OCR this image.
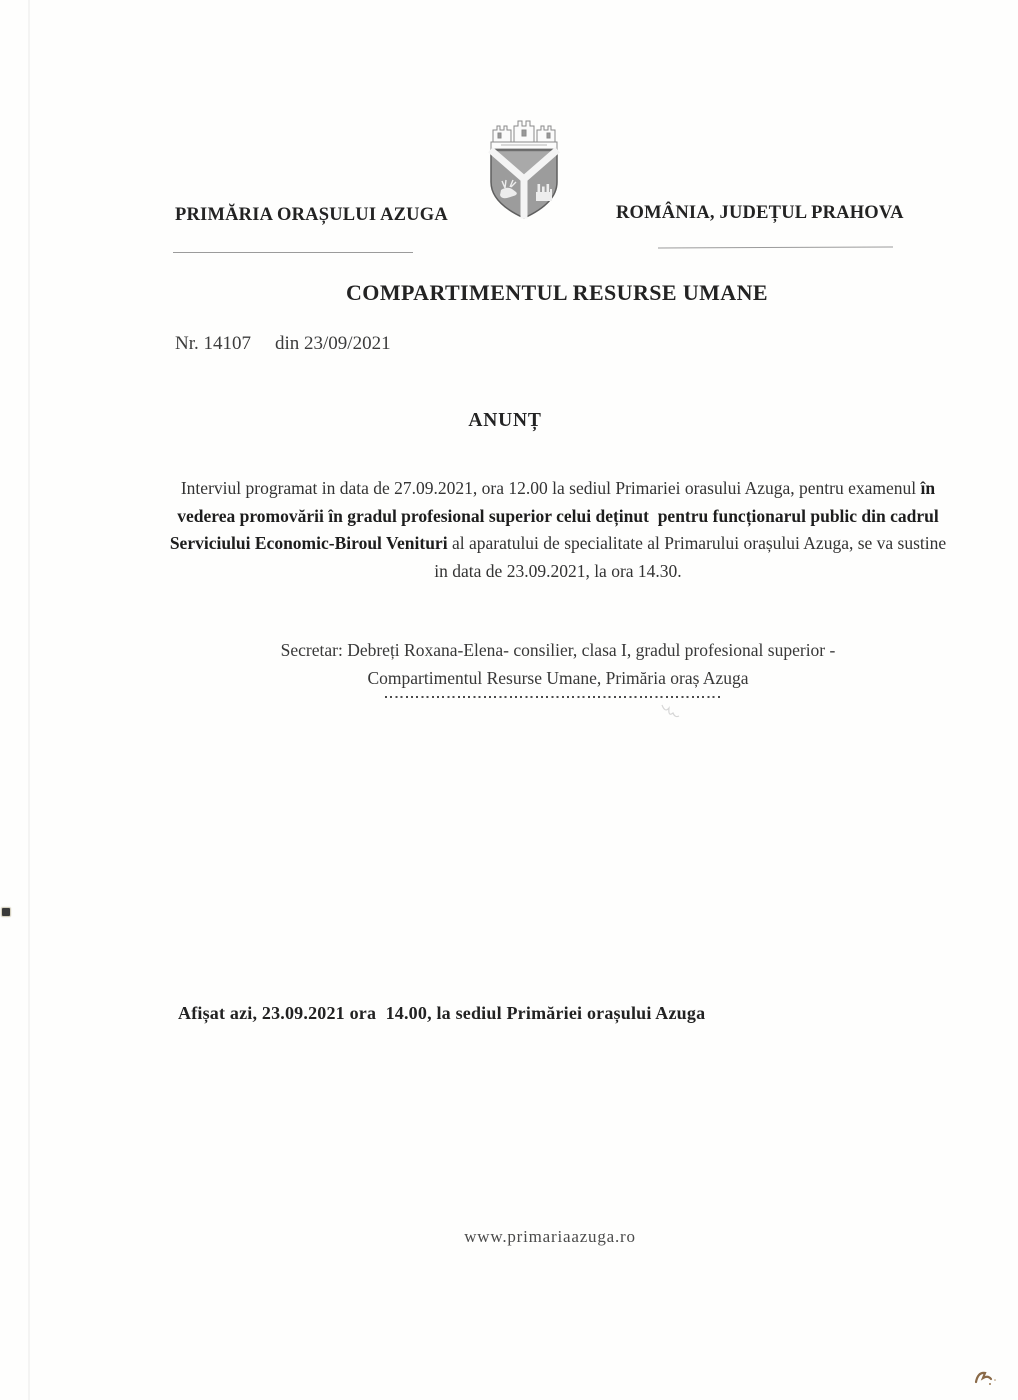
PRIMĂRIA ORAȘULUI AZUGA	ROMÂNIA, JUDEȚUL PRAHOVA
COMPARTIMENTUL RESURSE UMANE
Nr. 14107 din 23/09/2021
ANUNȚ
Interviul programat in data de 27.09.2021, ora 12.00 la sediul Primariei orasului Azuga, pentru examenul în vederea promovării în gradul profesional superior celui deținut  pentru funcționarul public din cadrul Serviciului Economic-Biroul Venituri al aparatului de specialitate al Primarului orașului Azuga, se va sustine in data de 23.09.2021, la ora 14.30.
Secretar: Debreți Roxana-Elena- consilier, clasa I, gradul profesional superior -
Compartimentul Resurse Umane, Primăria oraș Azuga
Afișat azi, 23.09.2021 ora  14.00, la sediul Primăriei orașului Azuga
www.primariaazuga.ro
